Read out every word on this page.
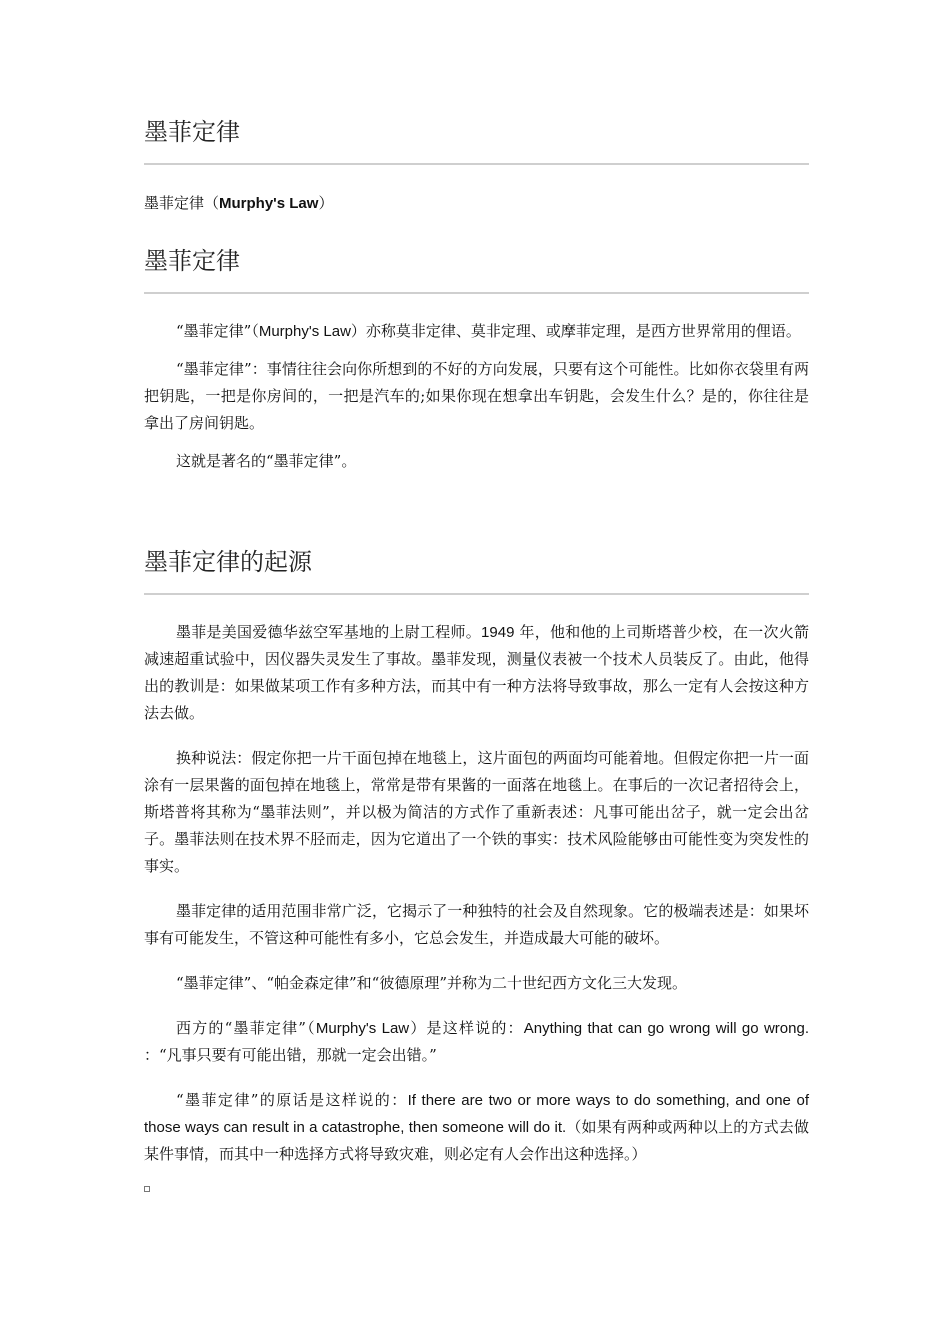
墨菲定律
墨菲定律（Murphy's Law）
墨菲定律

“墨菲定律”（Murphy's Law）亦称莫非定律、莫非定理、或摩菲定理，是西方世界常用的俚语。

“墨菲定律”：事情往往会向你所想到的不好的方向发展，只要有这个可能性。比如你衣袋里有两把钥匙，一把是你房间的，一把是汽车的;如果你现在想拿出车钥匙，会发生什么？是的，你往往是拿出了房间钥匙。

这就是著名的“墨菲定律”。

墨菲定律的起源

墨菲是美国爱德华兹空军基地的上尉工程师。1949 年，他和他的上司斯塔普少校，在一次火箭减速超重试验中，因仪器失灵发生了事故。墨菲发现，测量仪表被一个技术人员装反了。由此，他得出的教训是：如果做某项工作有多种方法，而其中有一种方法将导致事故，那么一定有人会按这种方法去做。

换种说法：假定你把一片干面包掉在地毯上，这片面包的两面均可能着地。但假定你把一片一面涂有一层果酱的面包掉在地毯上，常常是带有果酱的一面落在地毯上。在事后的一次记者招待会上，斯塔普将其称为“墨菲法则”，并以极为简洁的方式作了重新表述：凡事可能出岔子，就一定会出岔子。墨菲法则在技术界不胫而走，因为它道出了一个铁的事实：技术风险能够由可能性变为突发性的事实。

墨菲定律的适用范围非常广泛，它揭示了一种独特的社会及自然现象。它的极端表述是：如果坏事有可能发生，不管这种可能性有多小，它总会发生，并造成最大可能的破坏。

“墨菲定律”、“帕金森定律”和“彼德原理”并称为二十世纪西方文化三大发现。

西方的“墨菲定律”（Murphy's Law）是这样说的：Anything that can go wrong will go wrong. ：“凡事只要有可能出错，那就一定会出错。”

“墨菲定律”的原话是这样说的：If there are two or more ways to do something, and one of those ways can result in a catastrophe, then someone will do it.（如果有两种或两种以上的方式去做某件事情，而其中一种选择方式将导致灾难，则必定有人会作出这种选择。）
